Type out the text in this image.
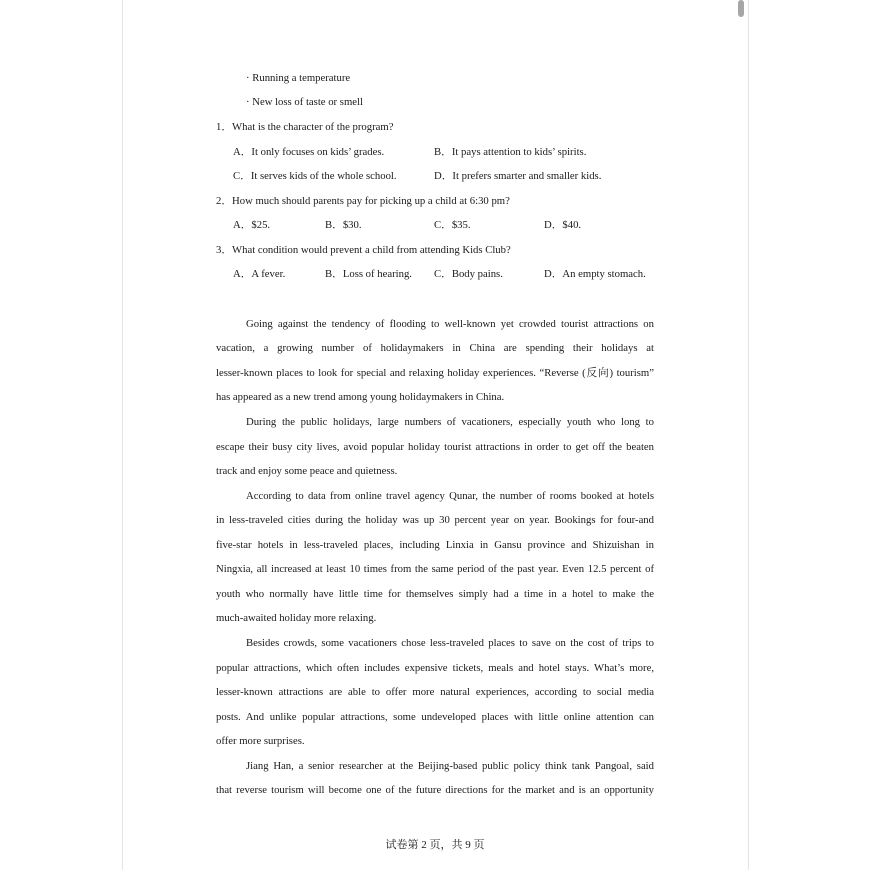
· Running a temperature
· New loss of taste or smell
1．What is the character of the program?
A．It only focuses on kids’ grades.	B．It pays attention to kids’ spirits.
C．It serves kids of the whole school.	D．It prefers smarter and smaller kids.
2．How much should parents pay for picking up a child at 6:30 pm?
A．$25.	B．$30.	C．$35.	D．$40.
3．What condition would prevent a child from attending Kids Club?
A．A fever.	B．Loss of hearing. C．Body pains.	D．An empty stomach.
Going against the tendency of flooding to well-known yet crowded tourist attractions on
vacation, a growing number of holidaymakers in China are spending their holidays at
lesser-known places to look for special and relaxing holiday experiences. “Reverse (反向) tourism”
has appeared as a new trend among young holidaymakers in China.
During the public holidays, large numbers of vacationers, especially youth who long to
escape their busy city lives, avoid popular holiday tourist attractions in order to get off the beaten
track and enjoy some peace and quietness.
According to data from online travel agency Qunar, the number of rooms booked at hotels
in less-traveled cities during the holiday was up 30 percent year on year. Bookings for four-and
five-star hotels in less-traveled places, including Linxia in Gansu province and Shizuishan in
Ningxia, all increased at least 10 times from the same period of the past year. Even 12.5 percent of
youth who normally have little time for themselves simply had a time in a hotel to make the
much-awaited holiday more relaxing.
Besides crowds, some vacationers chose less-traveled places to save on the cost of trips to
popular attractions, which often includes expensive tickets, meals and hotel stays. What’s more,
lesser-known attractions are able to offer more natural experiences, according to social media
posts. And unlike popular attractions, some undeveloped places with little online attention can
offer more surprises.
Jiang Han, a senior researcher at the Beijing-based public policy think tank Pangoal, said
that reverse tourism will become one of the future directions for the market and is an opportunity
试卷第 2 页，共 9 页
